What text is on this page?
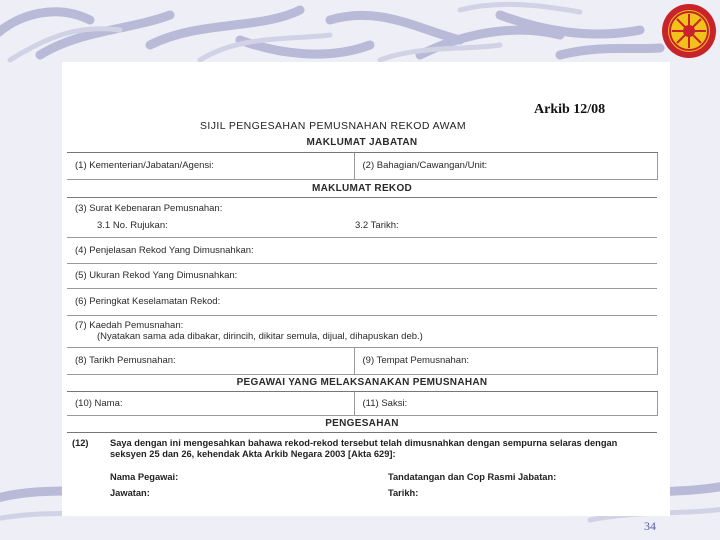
Arkib 12/08
SIJIL PENGESAHAN PEMUSNAHAN REKOD AWAM
MAKLUMAT JABATAN	
(1) Kementerian/Jabatan/Agensi:	(2) Bahagian/Cawangan/Unit:
MAKLUMAT REKOD	

(3) Surat Kebenaran Pemusnahan:
3.1 No. Rujukan: 3.2 Tarikh:	

(4) Penjelasan Rekod Yang Dimusnahkan:	
(5) Ukuran Rekod Yang Dimusnahkan:	
(6) Peringkat Keselamatan Rekod:	

(7) Kaedah Pemusnahan:
(Nyatakan sama ada dibakar, dirincih, dikitar semula, dijual, dihapuskan deb.)	

(8) Tarikh Pemusnahan:	(9) Tempat Pemusnahan:
PEGAWAI YANG MELAKSANAKAN PEMUSNAHAN	
(10) Nama:	(11) Saksi:
PENGESAHAN	
(12) Saya dengan ini mengesahkan bahawa rekod-rekod tersebut telah dimusnahkan dengan sempurna selaras dengan seksyen 25 dan 26, kehendak Akta Arkib Negara 2003 [Akta 629]:
Nama Pegawai:
Jawatan:
Tandatangan dan Cop Rasmi Jabatan:
Tarikh:
34
